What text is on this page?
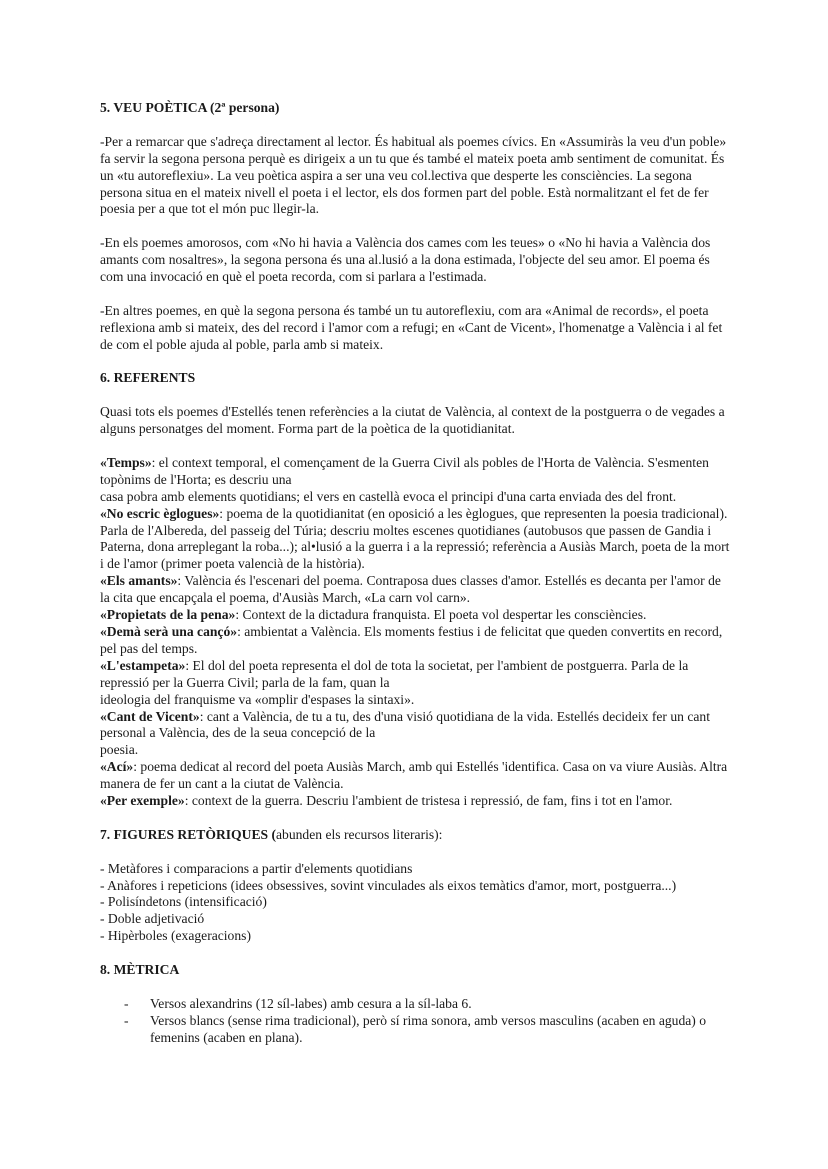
5. VEU POÈTICA (2ª persona)

-Per a remarcar que s'adreça directament al lector. És habitual als poemes cívics. En «Assumiràs la veu d'un poble» fa servir la segona persona perquè es dirigeix a un tu que és també el mateix poeta amb sentiment de comunitat. És un «tu autoreflexiu». La veu poètica aspira a ser una veu col.lectiva que desperte les consciències. La segona persona situa en el mateix nivell el poeta i el lector, els dos formen part del poble. Està normalitzant el fet de fer poesia per a que tot el món puc llegir-la.

-En els poemes amorosos, com «No hi havia a València dos cames com les teues» o «No hi havia a València dos amants com nosaltres», la segona persona és una al.lusió a la dona estimada, l'objecte del seu amor. El poema és com una invocació en què el poeta recorda, com si parlara a l'estimada.

-En altres poemes, en què la segona persona és també un tu autoreflexiu, com ara «Animal de records», el poeta reflexiona amb si mateix, des del record i l'amor com a refugi; en «Cant de Vicent», l'homenatge a València i al fet de com el poble ajuda al poble, parla amb si mateix.

6. REFERENTS

Quasi tots els poemes d'Estellés tenen referències a la ciutat de València, al context de la postguerra o de vegades a alguns personatges del moment. Forma part de la poètica de la quotidianitat.

«Temps»: el context temporal, el començament de la Guerra Civil als pobles de l'Horta de València. S'esmenten topònims de l'Horta; es descriu una

casa pobra amb elements quotidians; el vers en castellà evoca el principi d'una carta enviada des del front.

«No escric èglogues»: poema de la quotidianitat (en oposició a les èglogues, que representen la poesia tradicional). Parla de l'Albereda, del passeig del Túria; descriu moltes escenes quotidianes (autobusos que passen de Gandia i Paterna, dona arreplegant la roba...); al•lusió a la guerra i a la repressió; referència a Ausiàs March, poeta de la mort i de l'amor (primer poeta valencià de la història).

«Els amants»: València és l'escenari del poema. Contraposa dues classes d'amor. Estellés es decanta per l'amor de la cita que encapçala el poema, d'Ausiàs March, «La carn vol carn».

«Propietats de la pena»: Context de la dictadura franquista. El poeta vol despertar les consciències.

«Demà serà una cançó»: ambientat a València. Els moments festius i de felicitat que queden convertits en record, pel pas del temps.

«L'estampeta»: El dol del poeta representa el dol de tota la societat, per l'ambient de postguerra. Parla de la repressió per la Guerra Civil; parla de la fam, quan la

ideologia del franquisme va «omplir d'espases la sintaxi».

«Cant de Vicent»: cant a València, de tu a tu, des d'una visió quotidiana de la vida. Estellés decideix fer un cant personal a València, des de la seua concepció de la

poesia.

«Ací»: poema dedicat al record del poeta Ausiàs March, amb qui Estellés 'identifica. Casa on va viure Ausiàs. Altra manera de fer un cant a la ciutat de València.

«Per exemple»: context de la guerra. Descriu l'ambient de tristesa i repressió, de fam, fins i tot en l'amor.

7. FIGURES RETÒRIQUES (abunden els recursos literaris):

- Metàfores i comparacions a partir d'elements quotidians

- Anàfores i repeticions (idees obsessives, sovint vinculades als eixos temàtics d'amor, mort, postguerra...)

- Polisíndetons (intensificació)

- Doble adjetivació

- Hipèrboles (exageracions)

8. MÈTRICA
-	Versos alexandrins (12 síl-labes) amb cesura a la síl-laba 6.
-	Versos blancs (sense rima tradicional), però sí rima sonora, amb versos masculins (acaben en aguda) o femenins (acaben en plana).
